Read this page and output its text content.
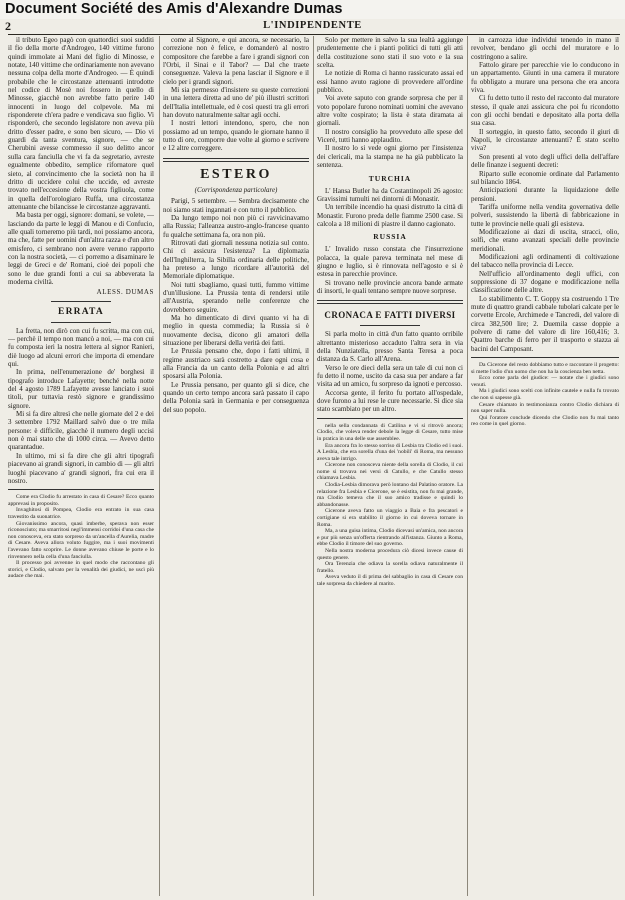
Document Société des Amis d'Alexandre Dumas
2	L'INDIPENDENTE

il tributo Egeo pagò con quattordici suoi sudditi il fio della morte d'Androgeo, 140 vittime furono quindi immolate ai Mani del figlio di Minosse, e notate, 140 vittime che ordinariamente non avevano nessuna colpa della morte d'Androgeo. — È quindi probabile che le circostanze attenuanti introdotte nel codice di Mosè noi fossero in quello di Minosse, giacchè non avrebbe fatto perire 140 innocenti in luogo del colpevole. Ma mi risponderete ch'era padre e vendicava suo figlio. Vi risponderò, che secondo legislatore non aveva più dritto d'esser padre, e sono ben sicuro, — Dio vi guardi da tanta sventura, signore, — che se Cherubini avesse commesso il suo delitto ancor sulla cara fanciulla che vi fa da segretario, avreste egualmente obbedito, semplice rifornatore quel sieto, al convincimento che la società non ha il dritto di uccidere colui che uccide, ed avreste trovato nell'eccesione della vostra figliuola, come in quella dell'orologiaro Ruffa, una circostanza attenuante che bilancisse le circostanze aggravanti.

Ma basta per oggi, signore: domani, se volete, — lasciando da parte le leggi di Manou e di Confucio, alle quali torneremo più tardi, noi possiamo ancora, ma che, fatte per uomini d'un'altra razza e d'un altro emisfero, ci sembrano non avere veruno rapporto con la nostra società, — ci porremo a disaminare le leggi de Greci e de' Romani, cioè dei popoli che sono le due grandi fonti a cui sa abbeverata la moderna civiltà.

ALESS. DUMAS
ERRATA

La fretta, non dirò con cui fu scritta, ma con cui, — perchè il tempo non mancò a noi, — ma con cui fu composta ieri la nostra lettera al signor Ranieri, diè luogo ad alcuni errori che importa di emendare qui.

In prima, nell'enumerazione de' borghesi il tipografo introduce Lafayette; benché nella notte del 4 agosto 1789 Lafayette avesse lanciato i suoi titoli, pur tuttavia restò signore e grandissimo signore.

Mi si fa dire altresì che nelle giornate del 2 e dei 3 settembre 1792 Maillard salvò due o tre mila persone: è difficile, giacchè il numero degli uccisi non è mai stato che di 1000 circa. — Avevo detto quarantadue.

In ultimo, mi si fa dire che gli altri tipografi piacevano ai grandi signori, in cambio di — gli altri luoghi piacevano a' grandi signori, fra cui era il nostro.

Come era Clodio fu arrestato in casa di Cesare? Ecco quanto apprevasi in proposito.

Invaghitosi di Pompea, Clodio era entrato in sua casa travestito da suonatrice.

Giovanissimo ancora, quasi imberbe, sperava non esser riconosciuto; ma smarritosi negl'immensi corridoi d'una casa che non conosceva, era stato sorpreso da un'ancella d'Aurelia, madre di Cesare. Aveva allora voluto fuggire, ma i suoi movimenti l'avevano fatto scoprire. Le donne avevano chiuse le porte e lo rinvennero nella cella d'una fanciulla.

Il processo poi avvenne in quel modo che raccontano gli storici, e Clodio, salvato per la venalità dei giudici, ne uscì più audace che mai.

come al Signore, e qui ancora, se necessario, la correzione non è felice, e domanderò al nostro compositore che farebbe a fare i grandi signori con l'Orbi, il Sinai e il Tabor? — Dal che traete conseguenze. Valeva la pena lasciar il Signore e il cielo per i grandi signori.

Mi sia permesso d'insistere su queste correzioni in una lettera diretta ad uno de' più illustri scrittori dell'Italia intellettuale, ed è così questi tra gli errori han dovuto naturalmente saltar agli occhi.

I nostri lettori intendono, spero, che non possiamo ad un tempo, quando le giornate hanno il tutto di ore, comporre due volte al giorno e scrivere e 12 altre correggere.

ESTERO
(Corrispondenza particolare)

Parigi, 5 settembre. — Sembra decisamente che noi siamo stati ingannati e con tutto il pubblico.

Da lungo tempo noi non più ci ravvicinavamo alla Russia; l'alleanza austro-anglo-francese quanto fu qualche settimana fa, ora non più.

Ritrovati dati giornali nessuna notizia sul conto. Chi ci assicura l'esistenza? La diplomazia dell'Inghilterra, la Sibilla ordinaria delle politiche, ha preteso a lungo ricordare all'autorità del Memoriale diplomatique.

Noi tutti sbagliamo, quasi tutti, fummo vittime d'un'illusione. La Prussia tenta di rendersi utile all'Austria, sperando nelle conferenze che dovrebbero seguire.

Ma ho dimenticato di dirvi quanto vi ha di meglio in questa commedia; la Russia si è nuovamente decisa, dicono gli amatori della situazione per liberarsi della verità dei fatti.

Le Prussia pensano che, dopo i fatti ultimi, il regime austriaco sarà costretto a dare ogni cosa e alla Francia da un canto della Polonia e ad altri sposarsi alla Polonia.

Le Prussia pensano, per quanto gli si dice, che quando un certo tempo ancora sarà passato il capo della Polonia sarà in Germania e per conseguenza del suo popolo.

Solo per mettere in salvo la sua lealtà aggiunge prudentemente che i pianti politici di tutti gli atti della costituzione sono stati il suo voto e la sua scelta.

Le notizie di Roma ci hanno rassicurato assai ed essi hanno avuto ragione di provvedere all'ordine pubblico.

Voi avete saputo con grande sorpresa che per il voto popolare furono nominati uomini che avevano altre volte cospirato; la lista è stata diramata ai giornali.

Il nostro consiglio ha provveduto alle spese del Viceré, tutti hanno applaudito.

Il nostro lo si vede ogni giorno per l'insistenza dei clericali, ma la stampa ne ha già pubblicato la sentenza.

TURCHIA

L' Hansa Butler ha da Costantinopoli 26 agosto: Gravissimi tumulti nei dintorni di Monastir.

Un terribile incendio ha quasi distrutto la città di Monastir. Furono preda delle fiamme 2500 case. Si calcola a 18 milioni di piastre il danno cagionato.

RUSSIA

L' Invalido russo constata che l'insurrezione polacca, la quale pareva terminata nel mese di giugno e luglio, si è rinnovata nell'agosto e si è estesa in parecchie province.

Si trovano nelle provincie ancora bande armate di insorti, le quali tentano sempre nuove sorprese.

CRONACA E FATTI DIVERSI

Si parla molto in città d'un fatto quanto orribile altrettanto misterioso accaduto l'altra sera in via della Nunziatella, presso Santa Teresa a poca distanza da S. Carlo all'Arena.

Verso le ore dieci della sera un tale di cui non ci fu detto il nome, uscito da casa sua per andare a far visita ad un amico, fu sorpreso da ignoti e percosso.

Accorsa gente, il ferito fu portato all'ospedale, dove furono a lui rese le cure necessarie. Si dice sia stato scambiato per un altro.

nella sella condannata di Catilina e vi si ritrovò ancora; Clodio, che voleva render debole la legge di Cesare, tutto mise in pratica in una delle sue assemblee.

Era ancora fra lo stesso sorriso di Lesbia tra Clodio ed i suoi. A Lesbia, che era sorella d'una dei 'nobili' di Roma, ma nessuno aveva tale intrigo.

Cicerone non conosceva niente della sorella di Clodio, il cui nome si trovava nei versi di Catullo, e che Catullo stesso chiamava Lesbia.

Clodia-Lesbia dimorava però lontano dal Palatino oratore. La relazione fra Lesbia e Cicerone, se è esistita, non fu mai grande, ma Clodio temeva che il suo amico tradisse e quindi lo abbandonasse.

Cicerone aveva fatto un viaggio a Baia e fra pescatori e cortigiane si era stabilito il giorno in cui doveva tornare in Roma.

Ma, a una guisa intima, Clodio dicevasi un'amica, non ancora e pur più senza un'offerta rientrando all'istanza. Giunto a Roma, ebbe Clodio il timore del suo governo.

Nella nostra moderna procedura ciò dicesi invece cause di questo genere.

Ora Terenzia che odiava la sorella odiava naturalmente il fratello.

Aveva veduto il di prima del sabbaglio in casa di Cesare con tale sorpresa da chiedere al marito.

in carrozza idue individui tenendo in mano il revolver, bendano gli occhi del muratore e lo costringono a salire.

Fattolo girare per parecchie vie lo conducono in un appartamento. Giunti in una camera il muratore fu obbligato a murare una persona che era ancora viva.

Ci fu detto tutto il resto del racconto dal muratore stesso, il quale anzi assicura che poi fu ricondotto con gli occhi bendati e depositato alla porta della sua casa.

Il sorteggio, in questo fatto, secondo il giuri di Napoli, le circostanze attenuanti? È stato scelto viva?

Son presenti al voto degli uffici della dell'affare delle finanze i seguenti decreti:

Riparto sulle economie ordinate dal Parlamento sul bilancio 1864.

Anticipazioni durante la liquidazione delle pensioni.

Tariffa uniforme nella vendita governativa delle polveri, sussistendo la libertà di fabbricazione in tutte le provincie nelle quali gli esisteva.

Modificazione ai dazi di uscita, stracci, olio, solfi, che erano avanzati speciali delle provincie meridionali.

Modificazioni agli ordinamenti di coltivazione del tabacco nella provincia di Lecce.

Nell'ufficio all'ordinamento degli uffici, con soppressione di 37 dogane e modificazione nella classificazione delle altre.

Lo stabilimento C. T. Goppy sta costruendo 1 Tre mute di quattro grandi cabbale tubolari calcate per le corvette Ercole, Archimede e Tancredi, del valore di circa 382,500 lire; 2. Duemila casse doppie a polvere di rame del valore di lire 160,416; 3. Quattro barche di ferro per il trasporto e stazza ai bacini del Camposant.

Da Cicerone del resto dobbiamo tutto e raccontare il progetto: si mette l'odio d'un uomo che non ha la coscienza ben netta.

Ecco come parla del giudice: — notate che i giudici sono venuti.

Ma i giudici sono scelti con infinite cautele e nulla fu trovato che non si sapesse già.

Cesare chiamato in testimonianza contro Clodio dichiara di non saper nulla.

Qui l'oratore conclude dicendo che Clodio non fu mai tanto reo come in quel giorno.
